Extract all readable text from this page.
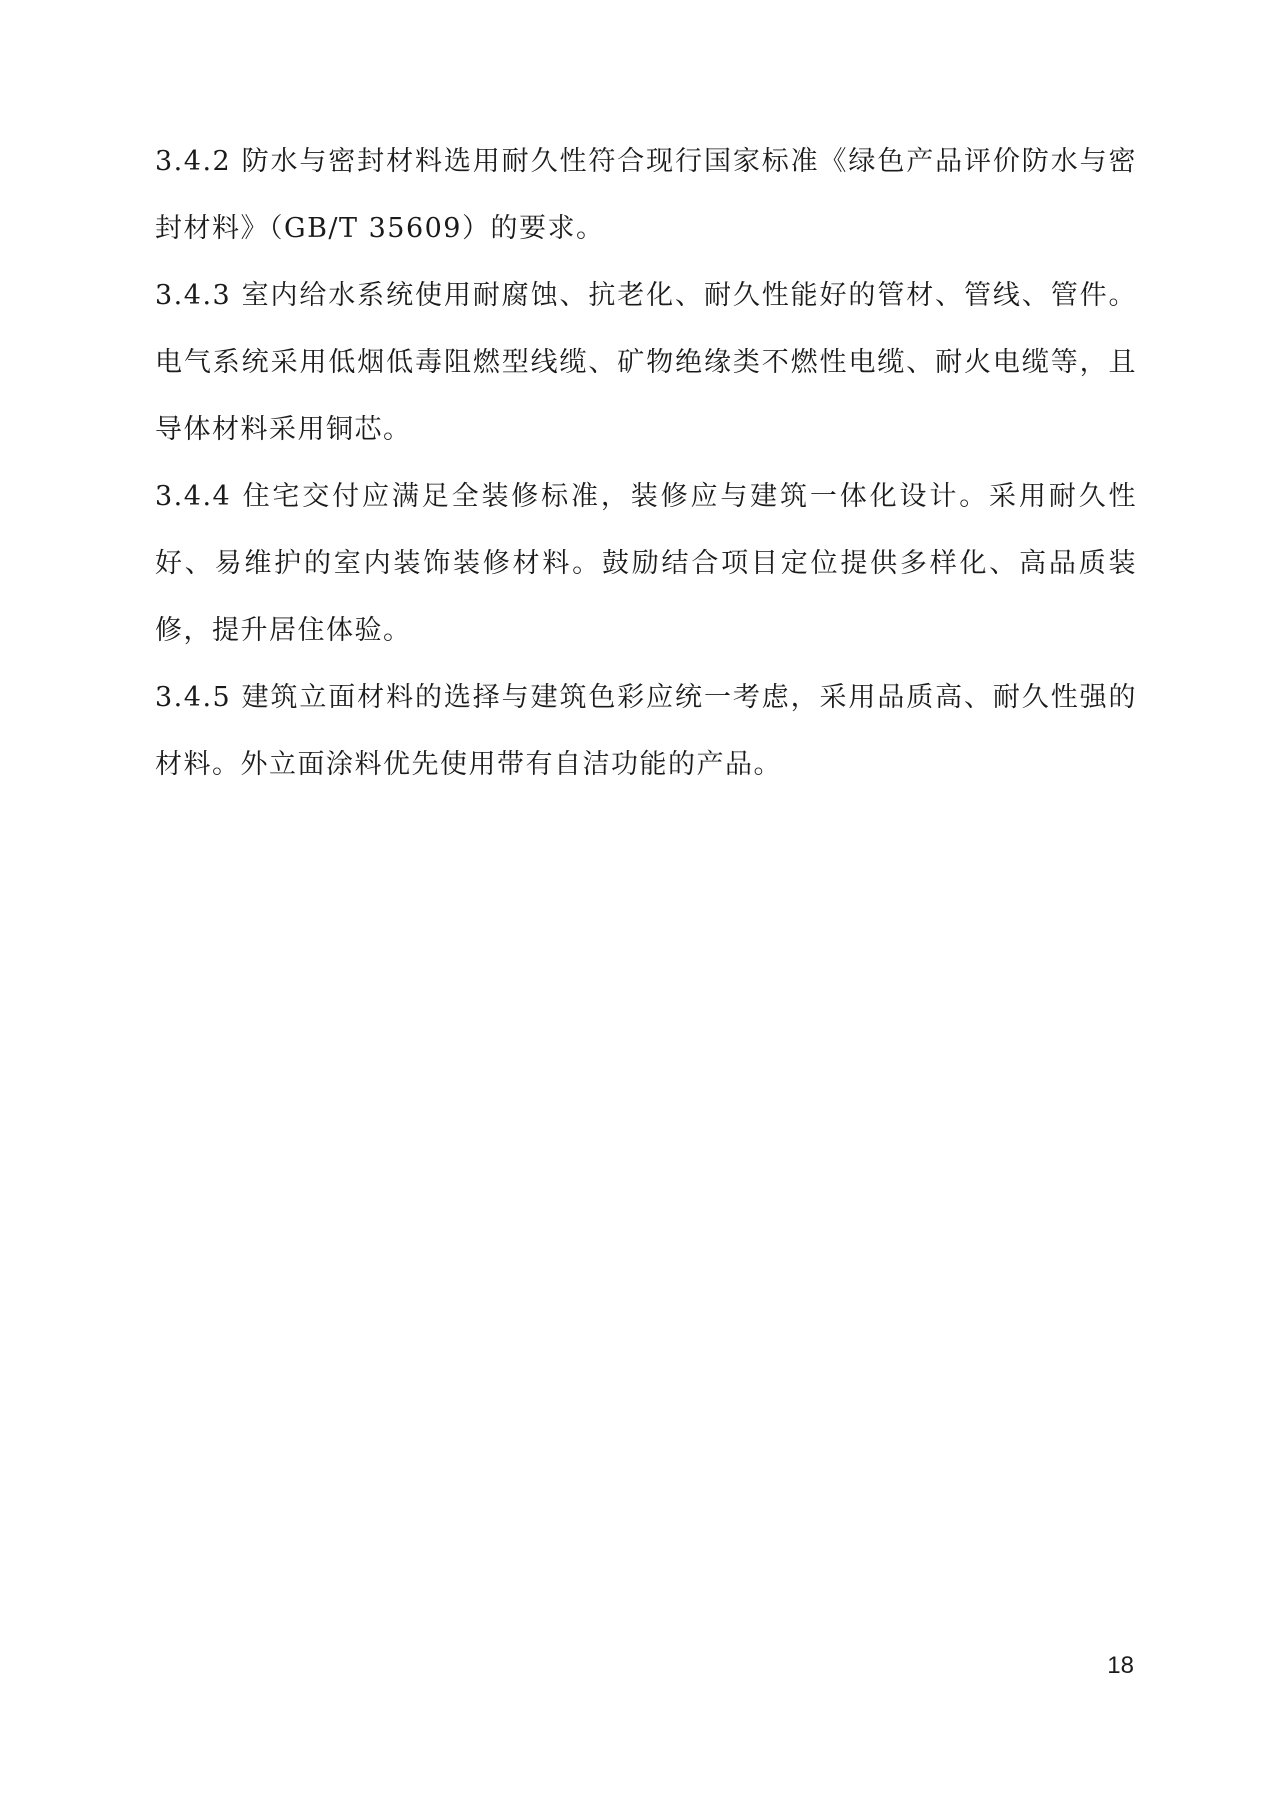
3.4.2 防水与密封材料选用耐久性符合现行国家标准《绿色产品评价防水与密封材料》（GB/T 35609）的要求。

3.4.3 室内给水系统使用耐腐蚀、抗老化、耐久性能好的管材、管线、管件。电气系统采用低烟低毒阻燃型线缆、矿物绝缘类不燃性电缆、耐火电缆等，且导体材料采用铜芯。

3.4.4 住宅交付应满足全装修标准，装修应与建筑一体化设计。采用耐久性好、易维护的室内装饰装修材料。鼓励结合项目定位提供多样化、高品质装修，提升居住体验。

3.4.5 建筑立面材料的选择与建筑色彩应统一考虑，采用品质高、耐久性强的材料。外立面涂料优先使用带有自洁功能的产品。

18
